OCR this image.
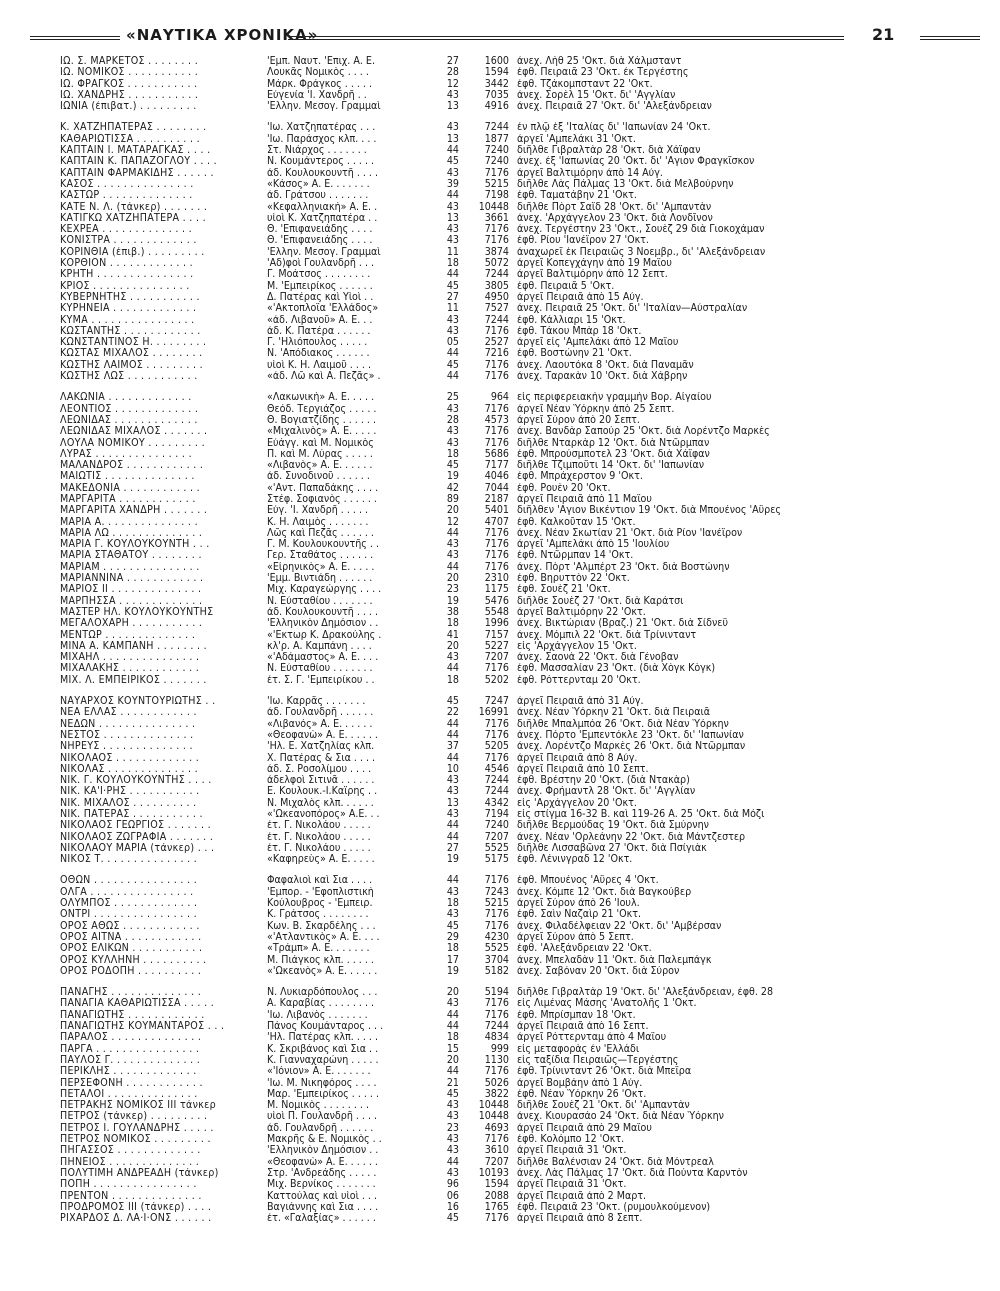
«ΝΑΥΤΙΚΑ ΧΡΟΝΙΚΑ»	21
ΙΩ. Σ. ΜΑΡΚΕΤΟΣ . . . . . . . .	'Εμπ. Ναυτ. 'Επιχ. Α. Ε.	27	1600 ἀνεχ. Λὴθ 25 'Οκτ. διὰ Χάλμσταντ
ΙΩ. ΝΟΜΙΚΟΣ . . . . . . . . . . .	Λουκᾶς Νομικὸς . . . .	28	1594 ἐφθ. Πειραιᾶ 23 'Οκτ. ἐκ Τεργέστης
ΙΩ. ΦΡΑΓΚΟΣ . . . . . . . . . . .	Μάρκ. Φράγκος . . . . .	12	3442 ἐφθ. Τζάκομπσταντ 22 'Οκτ.
ΙΩ. ΧΑΝΔΡΗΣ . . . . . . . . . . .	Εὐγενία 'Ι. Χανδρῆ . .	43	7035 ἀνεχ. Σορὲλ 15 'Οκτ. δι' 'Αγγλίαν
ΙΩΝΙΑ (ἐπιβατ.) . . . . . . . . .	'Ελλην. Μεσογ. Γραμμαὶ	13	4916 ἀνεχ. Πειραιᾶ 27 'Οκτ. δι' 'Αλεξάνδρειαν
Κ. ΧΑΤΖΗΠΑΤΕΡΑΣ . . . . . . . .	'Ιω. Χατζηπατέρας . . .	43	7244 ἐν πλῷ ἐξ 'Ιταλίας δι' 'Ιαπωνίαν 24 'Οκτ.
ΚΑΘΑΡΙΩΤΙΣΣΑ . . . . . . . . . .	'Ιω. Παράσχος κλπ. . . .	13	1877 ἀργεῖ 'Αμπελάκι 31 'Οκτ.
ΚΑΠΤΑΙΝ Ι. ΜΑΤΑΡΑΓΚΑΣ . . . .	Στ. Νιάρχος . . . . . . .	44	7240 διῆλθε Γιβραλτὰρ 28 'Οκτ. διὰ Χάϊφαν
ΚΑΠΤΑΙΝ Κ. ΠΑΠΑΖΟΓΛΟΥ . . . .	Ν. Κουμάντερος . . . . .	45	7240 ἀνεχ. ἐξ 'Ιαπωνίας 20 'Οκτ. δι' 'Αγιον Φραγκῖσκον
ΚΑΠΤΑΙΝ ΦΑΡΜΑΚΙΔΗΣ . . . . . .	ἀδ. Κουλουκουντῆ . . . .	43	7176 ἀργεῖ Βαλτιμόρην ἀπὸ 14 Αὐγ.
ΚΑΣΟΣ . . . . . . . . . . . . . . .	«Κάσος» Α. Ε. . . . . . .	39	5215 διῆλθε Λὰς Πάλμας 13 'Οκτ. διὰ Μελβούρνην
ΚΑΣΤΩΡ . . . . . . . . . . . . . .	ἀδ. Γράτσου . . . . . . .	44	7198 ἐφθ. Ταματάβην 21 'Οκτ.
ΚΑΤΕ Ν. Λ. (τάνκερ) . . . . . . .	«Κεφαλληνιακὴ» Α. Ε. .	43	10448 διῆλθε Πὸρτ Σαῒδ 28 'Οκτ. δι' 'Αμπαντὰν
ΚΑΤΙΓΚΩ ΧΑΤΖΗΠΑΤΕΡΑ . . . .	υἱοὶ Κ. Χατζηπατέρα . .	13	3661 ἀνεχ. 'Αρχάγγελον 23 'Οκτ. διὰ Λονδῖνον
ΚΕΧΡΕΑ . . . . . . . . . . . . . .	Θ. 'Επιφανειάδης . . . .	43	7176 ἀνεχ. Τεργέστην 23 'Οκτ., Σουὲζ 29 διὰ Γιοκοχάμαν
ΚΟΝΙΣΤΡΑ . . . . . . . . . . . . .	Θ. 'Επιφανειάδης . . . .	43	7176 ἐφθ. Ρίου 'Ιανέϊρον 27 'Οκτ.
ΚΟΡΙΝΘΙΑ (ἐπιβ.) . . . . . . . . .	'Ελλην. Μεσογ. Γραμμαὶ	11	3874 ἀναχωρεῖ ἐκ Πειραιῶς 3 Νοεμβρ., δι' 'Αλεξάνδρειαν
ΚΟΡΘΙΟΝ . . . . . . . . . . . . .	'Αδ)φοὶ Γουλανδρῆ . . .	18	5072 ἀργεῖ Κοπεγχάγην ἀπὸ 19 Μαΐου
ΚΡΗΤΗ . . . . . . . . . . . . . . .	Γ. Μοάτσος . . . . . . . .	44	7244 ἀργεῖ Βαλτιμόρην ἀπὸ 12 Σεπτ.
ΚΡΙΟΣ . . . . . . . . . . . . . . .	Μ. 'Εμπειρίκος . . . . . .	45	3805 ἐφθ. Πειραιᾶ 5 'Οκτ.
ΚΥΒΕΡΝΗΤΗΣ . . . . . . . . . . .	Δ. Πατέρας καὶ Υἱοὶ . .	27	4950 ἀργεῖ Πειραιᾶ ἀπὸ 15 Αὐγ.
ΚΥΡΗΝΕΙΑ . . . . . . . . . . . . .	«'Ακτοπλοΐα 'Ελλάδος»	11	7527 ἀνεχ. Πειραιᾶ 25 'Οκτ. δι' 'Ιταλίαν—Αὐστραλίαν
ΚΥΜΑ . . . . . . . . . . . . . . . .	«ἀδ. Λιβανοῦ» Α. Ε. . .	43	7244 ἐφθ. Κάλλιαρι 15 'Οκτ.
ΚΩΣΤΑΝΤΗΣ . . . . . . . . . . . .	ἀδ. Κ. Πατέρα . . . . . .	43	7176 ἐφθ. Τάκου Μπὰρ 18 'Οκτ.
ΚΩΝΣΤΑΝΤΙΝΟΣ Η. . . . . . . . .	Γ. 'Ηλιόπουλος . . . . .	05	2527 ἀργεῖ εἰς 'Αμπελάκι ἀπὸ 12 Μαΐου
ΚΩΣΤΑΣ ΜΙΧΑΛΟΣ . . . . . . . .	Ν. 'Απόδιακος . . . . . .	44	7216 ἐφθ. Βοστώνην 21 'Οκτ.
ΚΩΣΤΗΣ ΛΑΙΜΟΣ . . . . . . . . .	υἱοὶ Κ. Η. Λαιμοῦ . . . .	45	7176 ἀνεχ. Λαουτόκα 8 'Οκτ. διὰ Παναμᾶν
ΚΩΣΤΗΣ ΛΩΣ . . . . . . . . . . .	«ἀδ. Λῶ καὶ Α. Πεζᾶς» .	44	7176 ἀνεχ. Ταρακὰν 10 'Οκτ. διὰ Χάβρην
ΛΑΚΩΝΙΑ . . . . . . . . . . . . .	«Λακωνικὴ» Α. Ε. . . . .	25	964 εἰς περιφερειακὴν γραμμὴν Βορ. Αἰγαίου
ΛΕΟΝΤΙΟΣ . . . . . . . . . . . . .	Θεόδ. Τεργιάζος . . . . .	43	7176 ἀργεῖ Νέαν Ὑόρκην ἀπὸ 25 Σεπτ.
ΛΕΩΝΙΔΑΣ . . . . . . . . . . . . .	Θ. Βογιατζίδης . . . . . .	28	4573 ἀργεῖ Σύρον ἀπὸ 20 Σεπτ.
ΛΕΩΝΙΔΑΣ ΜΙΧΑΛΟΣ . . . . . . .	«Μιχαλινὸς» Α. Ε. . . . .	43	7176 ἀνεχ. Βανδὰρ Σαπούρ 25 'Οκτ. διὰ Λορέντζο Μαρκὲς
ΛΟΥΛΑ ΝΟΜΙΚΟΥ . . . . . . . . .	Εὐάγγ. καὶ Μ. Νομικὸς	43	7176 διῆλθε Νταρκὰρ 12 'Οκτ. διὰ Ντῶρμπαν
ΛΥΡΑΣ . . . . . . . . . . . . . . .	Π. καὶ Μ. Λύρας . . . . .	18	5686 ἐφθ. Μπρούσμποτελ 23 'Οκτ. διὰ Χάϊφαν
ΜΑΛΑΝΔΡΟΣ . . . . . . . . . . . .	«Λιβανὸς» Α. Ε. . . . . .	45	7177 διῆλθε Τζιμποῦτι 14 'Οκτ. δι' 'Ιαπωνίαν
ΜΑΙΩΤΙΣ . . . . . . . . . . . . . .	ἀδ. Συνοδινοῦ . . . . . .	19	4046 ἐφθ. Μπράχερστον 9 'Οκτ.
ΜΑΚΕΔΟΝΙΑ . . . . . . . . . . . .	«'Αντ. Παπαδάκης . . . .	42	7044 ἐφθ. Ρουὲν 20 'Οκτ.
ΜΑΡΓΑΡΙΤΑ . . . . . . . . . . . .	Στέφ. Σοφιανὸς . . . . . .	89	2187 ἀργεῖ Πειραιᾶ ἀπὸ 11 Μαΐου
ΜΑΡΓΑΡΙΤΑ ΧΑΝΔΡΗ . . . . . . .	Εὐγ. 'Ι. Χανδρῆ . . . . .	20	5401 διῆλθεν 'Αγιον Βικέντιον 19 'Οκτ. διὰ Μπουένος 'Αΰρες
ΜΑΡΙΑ Α. . . . . . . . . . . . . . .	Κ. Η. Λαιμὸς . . . . . . .	12	4707 ἐφθ. Καλκοῦταν 15 'Οκτ.
ΜΑΡΙΑ ΛΩ . . . . . . . . . . . . . .	Λῶς καὶ Πεζᾶς . . . . . .	44	7176 ἀνεχ. Νέαν Σκωτίαν 21 'Οκτ. διὰ Ρίον 'Ιανέϊρον
ΜΑΡΙΑ Γ. ΚΟΥΛΟΥΚΟΥΝΤΗ . . .	Γ. Μ. Κουλουκουντῆς . .	43	7176 ἀργεῖ 'Αμπελάκι ἀπὸ 15 'Ιουλίου
ΜΑΡΙΑ ΣΤΑΘΑΤΟΥ . . . . . . . .	Γερ. Σταθάτος . . . . . .	43	7176 ἐφθ. Ντῶρμπαν 14 'Οκτ.
ΜΑΡΙΑΜ . . . . . . . . . . . . . . .	«Εἰρηνικὸς» Α. Ε. . . . .	44	7176 ἀνεχ. Πὸρτ 'Αλμπέρτ 23 'Οκτ. διὰ Βοστώνην
ΜΑΡΙΑΝΝΙΝΑ . . . . . . . . . . . .	'Εμμ. Βιντιάδη . . . . . .	20	2310 ἐφθ. Βηρυττὸν 22 'Οκτ.
ΜΑΡΙΟΣ ΙΙ . . . . . . . . . . . . . .	Μιχ. Καραγεώργης . . . .	23	1175 ἐφθ. Σουὲζ 21 'Οκτ.
ΜΑΡΠΗΣΣΑ . . . . . . . . . . . . .	Ν. Εὐσταθίου . . . . . . .	19	5476 διῆλθε Σουὲζ 27 'Οκτ. διὰ Καράτσι
ΜΑΣΤΕΡ ΗΛ. ΚΟΥΛΟΥΚΟΥΝΤΗΣ	ἀδ. Κουλουκουντῆ . . . .	38	5548 ἀργεῖ Βαλτιμόρην 22 'Οκτ.
ΜΕΓΑΛΟΧΑΡΗ . . . . . . . . . . .	'Ελληνικὸν Δημόσιον . .	18	1996 ἀνεχ. Βικτώριαν (Βραζ.) 21 'Οκτ. διὰ Σίδνεϋ
ΜΕΝΤΩΡ . . . . . . . . . . . . . .	«'Εκτωρ Κ. Δρακούλης .	41	7157 ἀνεχ. Μόμπιλ 22 'Οκτ. διὰ Τρίνινταντ
ΜΙΝΑ Α. ΚΑΜΠΑΝΗ . . . . . . . .	κλ'ρ. Α. Καμπάνη . . . .	20	5227 εἰς 'Αρχάγγελον 15 'Οκτ.
ΜΙΧΑΗΛ . . . . . . . . . . . . . . .	«'Αδάμαστος» Α. Ε. . . .	43	7207 ἀνεχ. Σαονὰ 22 'Οκτ. διὰ Γένοβαν
ΜΙΧΑΛΑΚΗΣ . . . . . . . . . . . .	Ν. Εὐσταθίου . . . . . . .	44	7176 ἐφθ. Μασσαλίαν 23 'Οκτ. (διὰ Χὸγκ Κὸγκ)
ΜΙΧ. Λ. ΕΜΠΕΙΡΙΚΟΣ . . . . . . .	ἐτ. Σ. Γ. 'Εμπειρίκου . .	18	5202 ἐφθ. Ρόττερνταμ 20 'Οκτ.
ΝΑΥΑΡΧΟΣ ΚΟΥΝΤΟΥΡΙΩΤΗΣ . .	'Ιω. Καρρᾶς . . . . . . .	45	7247 ἀργεῖ Πειραιᾶ ἀπὸ 31 Αὐγ.
ΝΕΑ ΕΛΛΑΣ . . . . . . . . . . . .	ἀδ. Γουλανδρῆ . . . . . .	22	16991 ἀνεχ. Νέαν Ὑόρκην 21 'Οκτ. διὰ Πειραιᾶ
ΝΕΔΩΝ . . . . . . . . . . . . . . .	«Λιβανός» Α. Ε. . . . . .	44	7176 διῆλθε Μπαλμπόα 26 'Οκτ. διὰ Νέαν Ὑόρκην
ΝΕΣΤΟΣ . . . . . . . . . . . . . .	«Θεοφανὼ» Α. Ε. . . . . .	44	7176 ἀνεχ. Πόρτο 'Εμπεντόκλε 23 'Οκτ. δι' 'Ιαπωνίαν
ΝΗΡΕΥΣ . . . . . . . . . . . . . .	'Ηλ. Ε. Χατζηλίας κλπ.	37	5205 ἀνεχ. Λορέντζο Μαρκὲς 26 'Οκτ. διὰ Ντῶρμπαν
ΝΙΚΟΛΑΟΣ . . . . . . . . . . . . .	Χ. Πατέρας & Σια . . . .	44	7176 ἀργεῖ Πειραιᾶ ἀπὸ 8 Αὐγ.
ΝΙΚΟΛΑΣ . . . . . . . . . . . . . .	ἀδ. Σ. Ροσολίμου . . . .	10	4546 ἀργεῖ Πειραιᾶ ἀπὸ 10 Σεπτ.
ΝΙΚ. Γ. ΚΟΥΛΟΥΚΟΥΝΤΗΣ . . . .	ἀδελφοὶ Σιτινᾶ . . . . . .	43	7244 ἐφθ. Βρέστην 20 'Οκτ. (διὰ Ντακὰρ)
ΝΙΚ. ΚΑ'Ι·ΡΗΣ . . . . . . . . . . .	Ε. Κουλουκ.-Ι.Καΐρης . .	43	7244 ἀνεχ. Φρήμαντλ 28 'Οκτ. δι' 'Αγγλίαν
ΝΙΚ. ΜΙΧΑΛΟΣ . . . . . . . . . .	Ν. Μιχαλὸς κλπ. . . . . .	13	4342 εἰς 'Αρχάγγελον 20 'Οκτ.
ΝΙΚ. ΠΑΤΕΡΑΣ . . . . . . . . . . .	«'Ωκεανοπόρος» Α.Ε. . .	43	7194 εἰς στίγμα 16-32 Β. καὶ 119-26 Α. 25 'Οκτ. διὰ Μόζι
ΝΙΚΟΛΑΟΣ ΓΕΩΡΓΙΟΣ . . . . . . .	ἐτ. Γ. Νικολάου . . . . .	44	7240 διῆλθε Βερμούδας 19 'Οκτ. διὰ Σμύρνην
ΝΙΚΟΛΑΟΣ ΖΩΓΡΑΦΙΑ . . . . . . .	ἐτ. Γ. Νικολάου . . . . .	44	7207 ἀνεχ. Νέαν 'Ορλεάνην 22 'Οκτ. διὰ Μάντζεστερ
ΝΙΚΟΛΑΟΥ ΜΑΡΙΑ (τάνκερ) . . .	ἐτ. Γ. Νικολάου . . . . .	27	5525 διῆλθε Λισσαβῶνα 27 'Οκτ. διὰ Πσίγιὰκ
ΝΙΚΟΣ Τ. . . . . . . . . . . . . . .	«Καφηρεὺς» Α. Ε. . . . .	19	5175 ἐφθ. Λένινγραδ 12 'Οκτ.
ΟΘΩΝ . . . . . . . . . . . . . . . .	Φαφαλιοὶ καὶ Σια . . . .	44	7176 ἐφθ. Μπουένος 'Αΰρες 4 'Οκτ.
ΟΛΓΑ . . . . . . . . . . . . . . . .	'Εμπορ. - 'Εφοπλιστικὴ	43	7243 ἀνεχ. Κόμπε 12 'Οκτ. διὰ Βαγκούβερ
ΟΛΥΜΠΟΣ . . . . . . . . . . . . .	Κούλουβρος - 'Εμπειρ.	18	5215 ἀργεῖ Σύρον ἀπὸ 26 'Ιουλ.
ΟΝΤΡΙ . . . . . . . . . . . . . . . .	Κ. Γράτσος . . . . . . . .	43	7176 ἐφθ. Σαὶν Ναζαὶρ 21 'Οκτ.
ΟΡΟΣ ΑΘΩΣ . . . . . . . . . . . .	Κων. Β. Σκαρδέλης . . .	45	7176 ἀνεχ. Φιλαδέλφειαν 22 'Οκτ. δι' 'Αμβέρσαν
ΟΡΟΣ ΑΙΤΝΑ . . . . . . . . . . . .	«'Ατλαντικὸς» Α. Ε. . . .	29	4230 ἀργεῖ Σύρον ἀπὸ 5 Σεπτ.
ΟΡΟΣ ΕΛΙΚΩΝ . . . . . . . . . . .	«Τράμπ» Α. Ε. . . . . . .	18	5525 ἐφθ. 'Αλεξάνδρειαν 22 'Οκτ.
ΟΡΟΣ ΚΥΛΛΗΝΗ . . . . . . . . . .	Μ. Πιάγκος κλπ. . . . . .	17	3704 ἀνεχ. Μπελαδὰν 11 'Οκτ. διὰ Παλεμπάγκ
ΟΡΟΣ ΡΟΔΟΠΗ . . . . . . . . . .	«'Ωκεανὸς» Α. Ε. . . . . .	19	5182 ἀνεχ. Σαβόναν 20 'Οκτ. διὰ Σύρον
ΠΑΝΑΓΗΣ . . . . . . . . . . . . . .	Ν. Λυκιαρδόπουλος . . .	20	5194 διῆλθε Γιβραλτὰρ 19 'Οκτ. δι' 'Αλεξάνδρειαν, ἐφθ. 28
ΠΑΝΑΓΙΑ ΚΑΘΑΡΙΩΤΙΣΣΑ . . . . .	Α. Καραβίας . . . . . . . .	43	7176 εἰς Λιμένας Μάσης 'Ανατολῆς 1 'Οκτ.
ΠΑΝΑΓΙΩΤΗΣ . . . . . . . . . . . .	'Ιω. Λιβανὸς . . . . . . .	44	7176 ἐφθ. Μπρίσμπαν 18 'Οκτ.
ΠΑΝΑΓΙΩΤΗΣ ΚΟΥΜΑΝΤΑΡΟΣ . . .	Πάνος Κουμάνταρος . . .	44	7244 ἀργεῖ Πειραιᾶ ἀπὸ 16 Σεπτ.
ΠΑΡΑΛΟΣ . . . . . . . . . . . . . .	'Ηλ. Πατέρας κλπ. . . . .	18	4834 ἀργεῖ Ρόττερνταμ ἀπὸ 4 Μαΐου
ΠΑΡΓΑ . . . . . . . . . . . . . . . .	Κ. Σκριβάνος καὶ Σια . .	15	999 εἰς μεταφορὰς ἐν 'Ελλάδι
ΠΑΥΛΟΣ Γ. . . . . . . . . . . . . .	Κ. Γιανναχαρώνη . . . . .	20	1130 εἰς ταξίδια Πειραιῶς—Τεργέστης
ΠΕΡΙΚΛΗΣ . . . . . . . . . . . . .	«'Ιόνιον» Α. Ε. . . . . . .	44	7176 ἐφθ. Τρίνινταντ 26 'Οκτ. διὰ Μπεΐρα
ΠΕΡΣΕΦΟΝΗ . . . . . . . . . . . .	'Ιω. Μ. Νικηφόρος . . . .	21	5026 ἀργεῖ Βομβάην ἀπὸ 1 Αὐγ.
ΠΕΤΑΛΟΙ . . . . . . . . . . . . . .	Μαρ. 'Εμπειρίκος . . . . .	45	3822 ἐφθ. Νέαν Ὑόρκην 26 'Οκτ.
ΠΕΤΡΑΚΗΣ ΝΟΜΙΚΟΣ ΙΙΙ τάνκερ	Μ. Νομικὸς . . . . . . . .	43	10448 διῆλθε Σουὲζ 21 'Οκτ. δι' 'Αμπαντὰν
ΠΕΤΡΟΣ (τάνκερ) . . . . . . . . .	υἱοὶ Π. Γουλανδρῆ . . . .	43	10448 ἀνεχ. Κιουρασάο 24 'Οκτ. διὰ Νέαν Ὑόρκην
ΠΕΤΡΟΣ Ι. ΓΟΥΛΑΝΔΡΗΣ . . . . .	ἀδ. Γουλανδρῆ . . . . . .	23	4693 ἀργεῖ Πειραιᾶ ἀπὸ 29 Μαΐου
ΠΕΤΡΟΣ ΝΟΜΙΚΟΣ . . . . . . . . .	Μακρῆς & Ε. Νομικὸς . .	43	7176 ἐφθ. Κολόμπο 12 'Οκτ.
ΠΗΓΑΣΣΟΣ . . . . . . . . . . . . .	'Ελληνικὸν Δημόσιον . .	43	3610 ἀργεῖ Πειραιᾶ 31 'Οκτ.
ΠΗΝΕΙΟΣ . . . . . . . . . . . . . .	«Θεοφανὼ» Α. Ε. . . . . .	44	7207 διῆλθε Βαλένσιαν 24 'Οκτ. διὰ Μόντρεαλ
ΠΟΛΥΤΙΜΗ ΑΝΔΡΕΑΔΗ (τάνκερ)	Στρ. 'Ανδρεάδης . . . . .	43	10193 ἀνεχ. Λὰς Πάλμας 17 'Οκτ. διὰ Πούντα Καρντὸν
ΠΟΠΗ . . . . . . . . . . . . . . . .	Μιχ. Βερνίκος . . . . . . .	96	1594 ἀργεῖ Πειραιᾶ 31 'Οκτ.
ΠΡΕΝΤΟΝ . . . . . . . . . . . . . .	Καττούλας καὶ υἱοὶ . . .	06	2088 ἀργεῖ Πειραιᾶ ἀπὸ 2 Μαρτ.
ΠΡΟΔΡΟΜΟΣ ΙΙΙ (τάνκερ) . . . .	Βαγιάννης καὶ Σια . . . .	16	1765 ἐφθ. Πειραιᾶ 23 'Οκτ. (ρυμουλκούμενον)
ΡΙΧΑΡΔΟΣ Δ. ΛΑ·Ι·ΟΝΣ . . . . . .	ἐτ. «Γαλαξίας» . . . . . .	45	7176 ἀργεῖ Πειραιᾶ ἀπὸ 8 Σεπτ.
